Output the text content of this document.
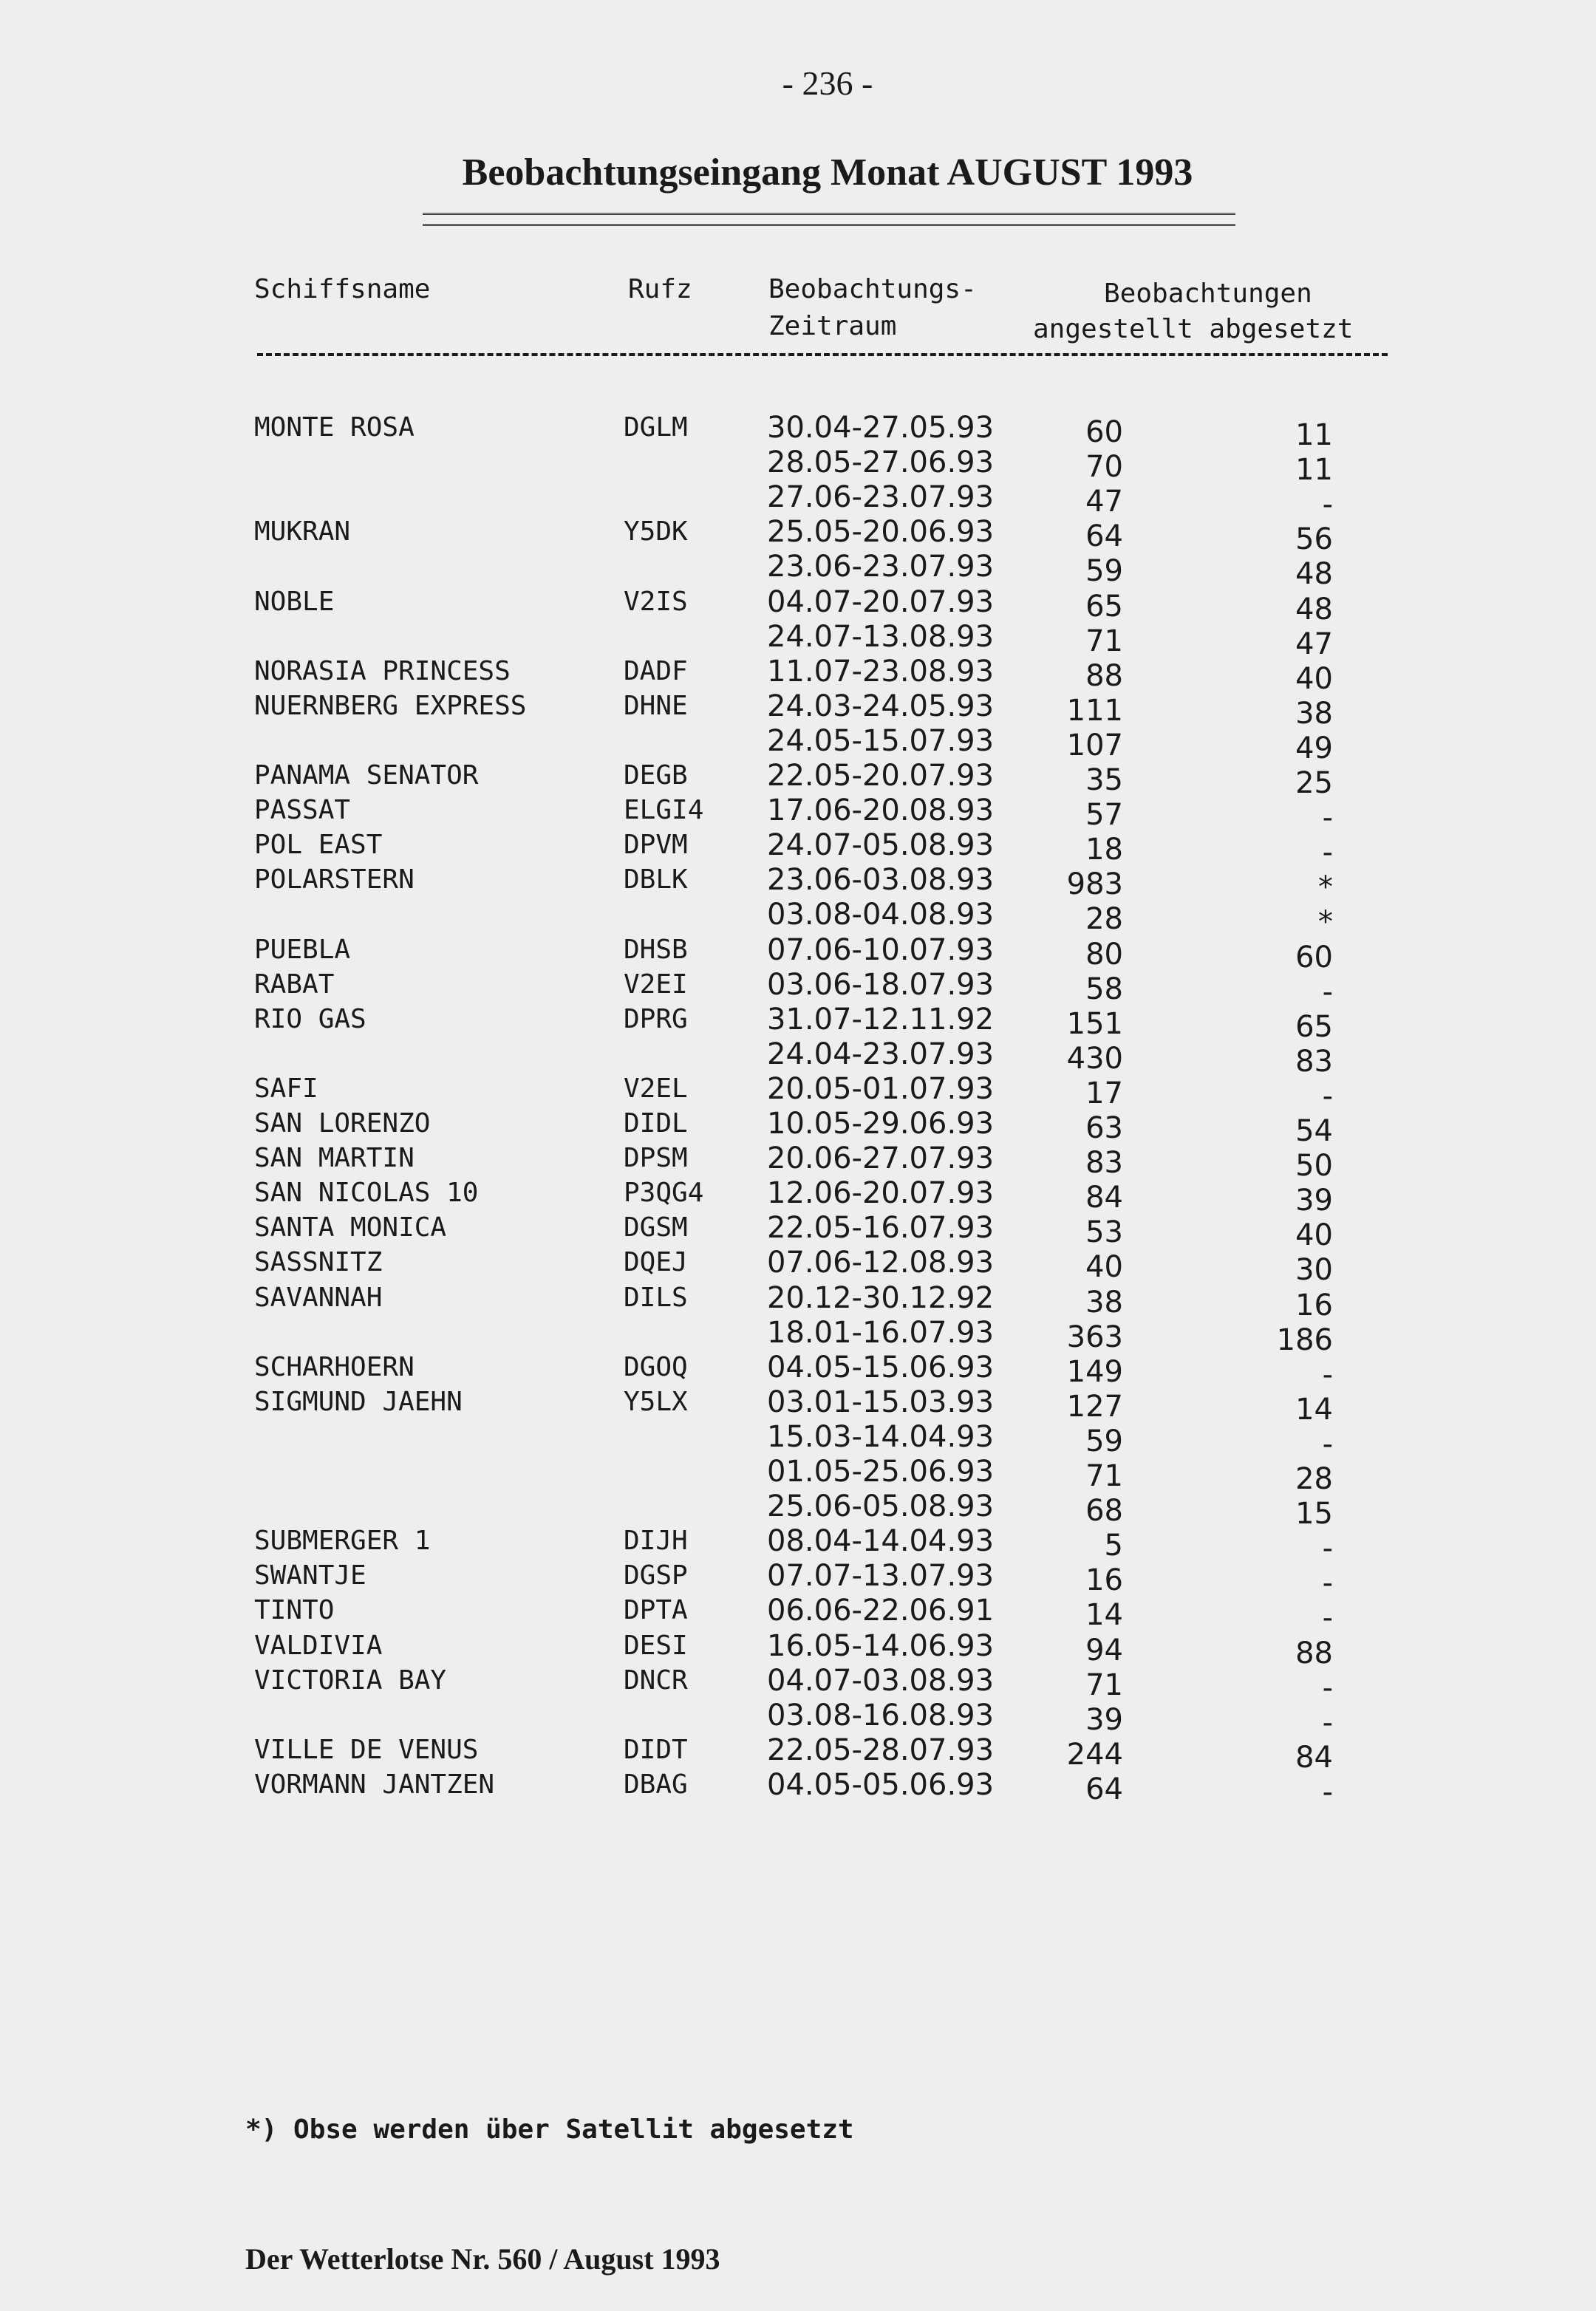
- 236 -
Beobachtungseingang Monat AUGUST 1993
Schiffsname	Rufz	Beobachtungs-
Zeitraum
Beobachtungen
angestellt abgesetzt
MONTE ROSA	DGLM	30.04-27.05.93	60	11
28.05-27.06.93	70	11
27.06-23.07.93	47	-
MUKRAN	Y5DK	25.05-20.06.93	64	56
23.06-23.07.93	59	48
NOBLE	V2IS	04.07-20.07.93	65	48
24.07-13.08.93	71	47
NORASIA PRINCESS	DADF	11.07-23.08.93	88	40
NUERNBERG EXPRESS	DHNE	24.03-24.05.93 111	38
24.05-15.07.93 107	49
PANAMA SENATOR	DEGB	22.05-20.07.93	35	25
PASSAT	ELGI4 17.06-20.08.93	57	-
POL EAST	DPVM	24.07-05.08.93	18	-
POLARSTERN	DBLK	23.06-03.08.93 983	*
03.08-04.08.93	28	*
PUEBLA	DHSB	07.06-10.07.93	80	60
RABAT	V2EI	03.06-18.07.93	58	-
RIO GAS	DPRG	31.07-12.11.92 151	65
24.04-23.07.93 430	83
SAFI	V2EL	20.05-01.07.93	17	-
SAN LORENZO	DIDL	10.05-29.06.93	63	54
SAN MARTIN	DPSM	20.06-27.07.93	83	50
SAN NICOLAS 10	P3QG4 12.06-20.07.93	84	39
SANTA MONICA	DGSM	22.05-16.07.93	53	40
SASSNITZ	DQEJ	07.06-12.08.93	40	30
SAVANNAH	DILS	20.12-30.12.92	38	16
18.01-16.07.93 363	186
SCHARHOERN	DGOQ	04.05-15.06.93 149	-
SIGMUND JAEHN	Y5LX	03.01-15.03.93 127	14
15.03-14.04.93	59	-
01.05-25.06.93	71	28
25.06-05.08.93	68	15
SUBMERGER 1	DIJH	08.04-14.04.93	5	-
SWANTJE	DGSP	07.07-13.07.93	16	-
TINTO	DPTA	06.06-22.06.91	14	-
VALDIVIA	DESI	16.05-14.06.93	94	88
VICTORIA BAY	DNCR	04.07-03.08.93	71	-
03.08-16.08.93	39	-
VILLE DE VENUS	DIDT	22.05-28.07.93 244	84
VORMANN JANTZEN	DBAG	04.05-05.06.93	64	-
*) Obse werden über Satellit abgesetzt
Der Wetterlotse Nr. 560 / August 1993
